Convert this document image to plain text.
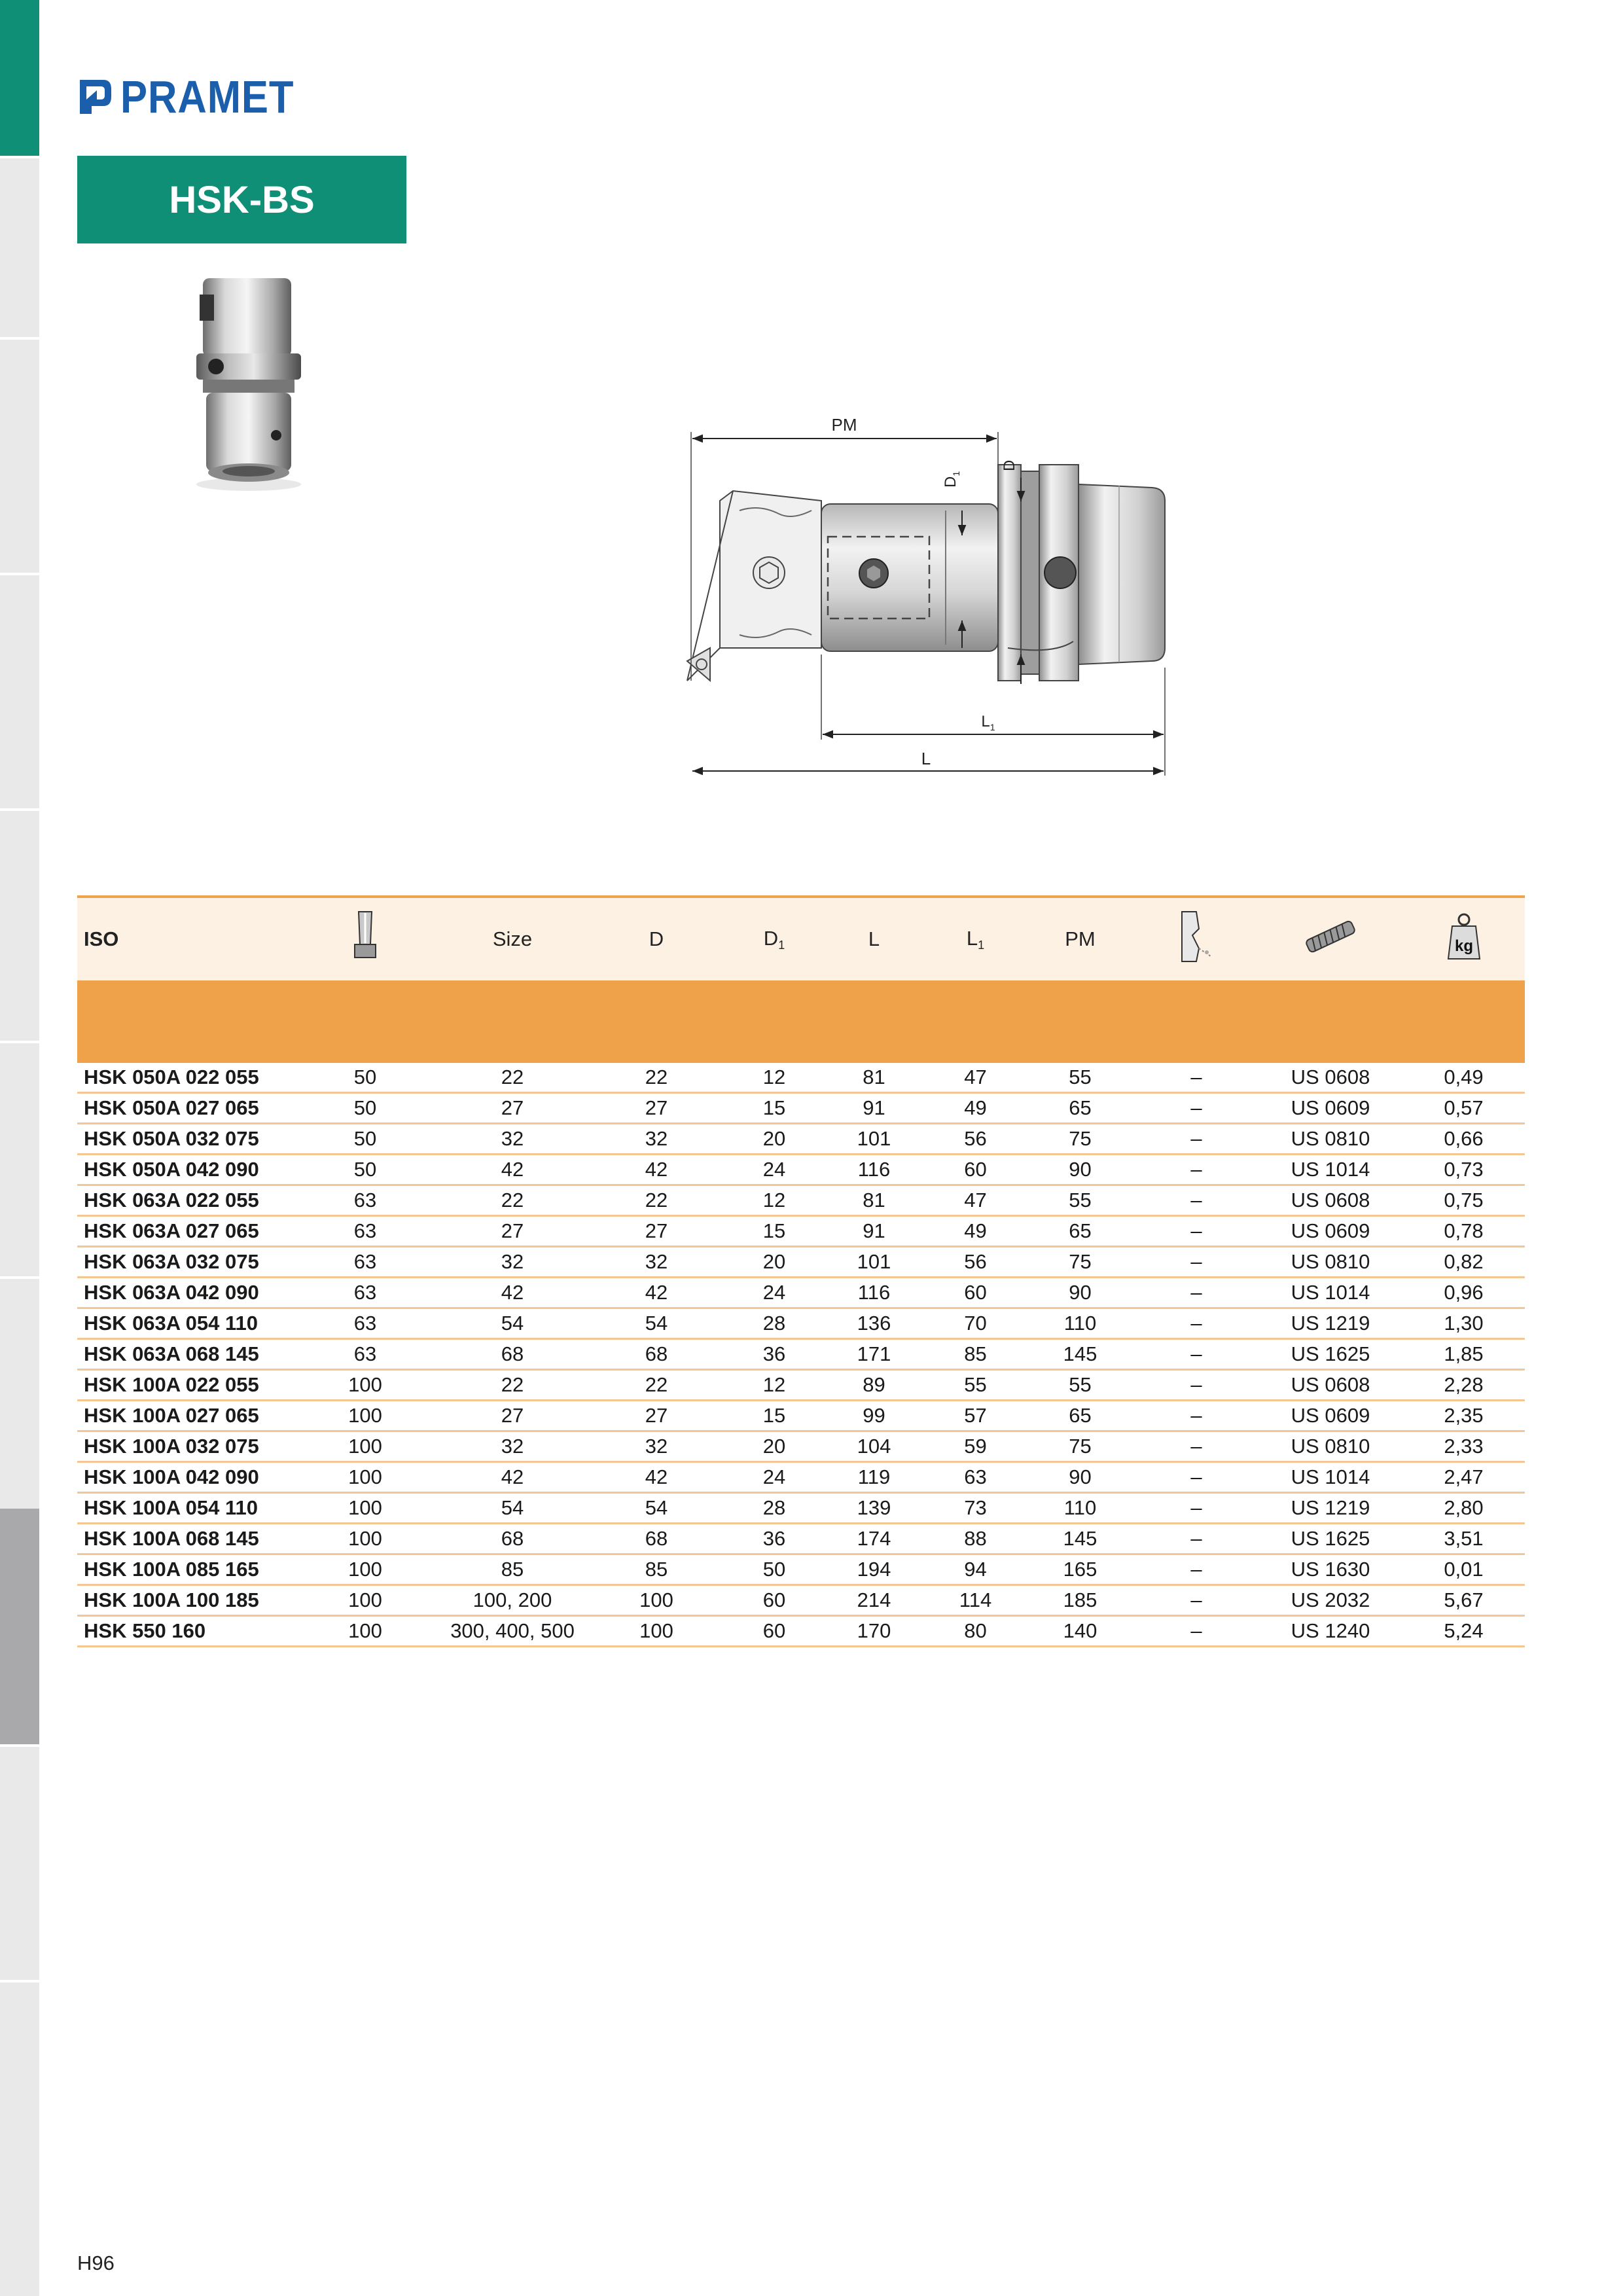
PRAMET
HSK-BS
PM
$D_1$
D
$L_1$
L
ISO		Size	D	$D_1$	L	$L_1$	PM			kg

HSK 050A 022 055	50	22	22	12	81	47	55	–	US 0608	0,49
HSK 050A 027 065	50	27	27	15	91	49	65	–	US 0609	0,57
HSK 050A 032 075	50	32	32	20	101	56	75	–	US 0810	0,66
HSK 050A 042 090	50	42	42	24	116	60	90	–	US 1014	0,73
HSK 063A 022 055	63	22	22	12	81	47	55	–	US 0608	0,75
HSK 063A 027 065	63	27	27	15	91	49	65	–	US 0609	0,78
HSK 063A 032 075	63	32	32	20	101	56	75	–	US 0810	0,82
HSK 063A 042 090	63	42	42	24	116	60	90	–	US 1014	0,96
HSK 063A 054 110	63	54	54	28	136	70	110	–	US 1219	1,30
HSK 063A 068 145	63	68	68	36	171	85	145	–	US 1625	1,85
HSK 100A 022 055	100	22	22	12	89	55	55	–	US 0608	2,28
HSK 100A 027 065	100	27	27	15	99	57	65	–	US 0609	2,35
HSK 100A 032 075	100	32	32	20	104	59	75	–	US 0810	2,33
HSK 100A 042 090	100	42	42	24	119	63	90	–	US 1014	2,47
HSK 100A 054 110	100	54	54	28	139	73	110	–	US 1219	2,80
HSK 100A 068 145	100	68	68	36	174	88	145	–	US 1625	3,51
HSK 100A 085 165	100	85	85	50	194	94	165	–	US 1630	0,01
HSK 100A 100 185	100	100, 200	100	60	214	114	185	–	US 2032	5,67
HSK 550 160	100	300, 400, 500	100	60	170	80	140	–	US 1240	5,24
H96
